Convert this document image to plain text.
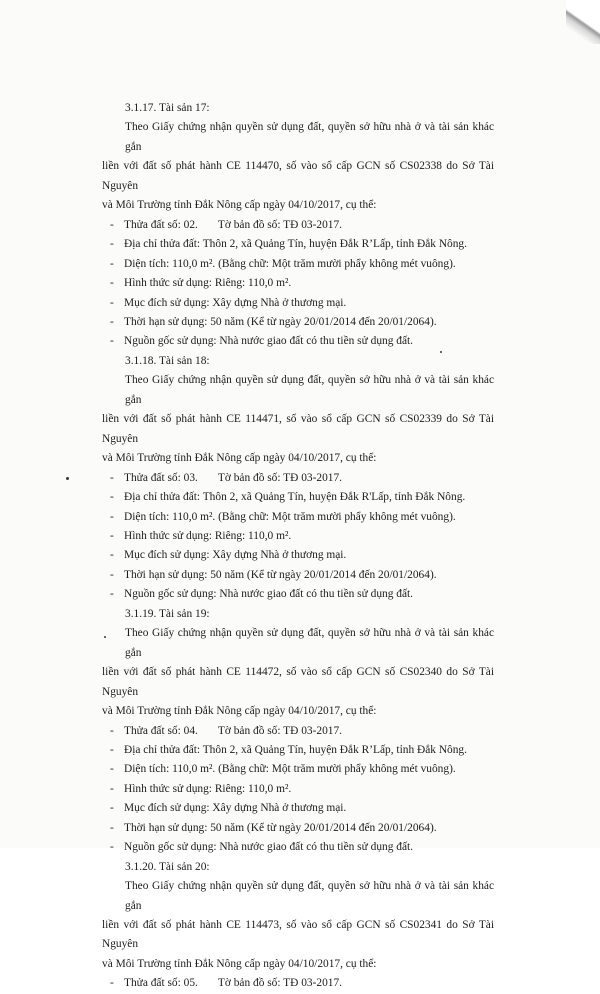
3.1.17. Tài sản 17:
Theo Giấy chứng nhận quyền sử dụng đất, quyền sở hữu nhà ở và tài sản khác gắn
liền với đất số phát hành CE 114470, số vào sổ cấp GCN số CS02338 do Sở Tài Nguyên
và Môi Trường tỉnh Đắk Nông cấp ngày 04/10/2017, cụ thể:
- Thửa đất số: 02. Tờ bản đồ số: TĐ 03-2017.
- Địa chỉ thửa đất: Thôn 2, xã Quảng Tín, huyện Đắk R’Lấp, tỉnh Đắk Nông.
- Diện tích: 110,0 m². (Bằng chữ: Một trăm mười phẩy không mét vuông).
- Hình thức sử dụng: Riêng: 110,0 m².
- Mục đích sử dụng: Xây dựng Nhà ở thương mại.
- Thời hạn sử dụng: 50 năm (Kể từ ngày 20/01/2014 đến 20/01/2064).
- Nguồn gốc sử dụng: Nhà nước giao đất có thu tiền sử dụng đất.
3.1.18. Tài sản 18:
Theo Giấy chứng nhận quyền sử dụng đất, quyền sở hữu nhà ở và tài sản khác gắn
liền với đất số phát hành CE 114471, số vào sổ cấp GCN số CS02339 do Sở Tài Nguyên
và Môi Trường tỉnh Đắk Nông cấp ngày 04/10/2017, cụ thể:
- Thửa đất số: 03. Tờ bản đồ số: TĐ 03-2017.
- Địa chỉ thửa đất: Thôn 2, xã Quảng Tín, huyện Đắk R'Lấp, tỉnh Đắk Nông.
- Diện tích: 110,0 m². (Bằng chữ: Một trăm mười phẩy không mét vuông).
- Hình thức sử dụng: Riêng: 110,0 m².
- Mục đích sử dụng: Xây dựng Nhà ở thương mại.
- Thời hạn sử dụng: 50 năm (Kể từ ngày 20/01/2014 đến 20/01/2064).
- Nguồn gốc sử dụng: Nhà nước giao đất có thu tiền sử dụng đất.
3.1.19. Tài sản 19:
Theo Giấy chứng nhận quyền sử dụng đất, quyền sở hữu nhà ở và tài sản khác gắn
liền với đất số phát hành CE 114472, số vào sổ cấp GCN số CS02340 do Sở Tài Nguyên
và Môi Trường tỉnh Đắk Nông cấp ngày 04/10/2017, cụ thể:
- Thửa đất số: 04. Tờ bản đồ số: TĐ 03-2017.
- Địa chỉ thửa đất: Thôn 2, xã Quảng Tín, huyện Đắk R’Lấp, tỉnh Đắk Nông.
- Diện tích: 110,0 m². (Bằng chữ: Một trăm mười phẩy không mét vuông).
- Hình thức sử dụng: Riêng: 110,0 m².
- Mục đích sử dụng: Xây dựng Nhà ở thương mại.
- Thời hạn sử dụng: 50 năm (Kể từ ngày 20/01/2014 đến 20/01/2064).
- Nguồn gốc sử dụng: Nhà nước giao đất có thu tiền sử dụng đất.
3.1.20. Tài sản 20:
Theo Giấy chứng nhận quyền sử dụng đất, quyền sở hữu nhà ở và tài sản khác gắn
liền với đất số phát hành CE 114473, số vào sổ cấp GCN số CS02341 do Sở Tài Nguyên
và Môi Trường tỉnh Đắk Nông cấp ngày 04/10/2017, cụ thể:
- Thửa đất số: 05. Tờ bản đồ số: TĐ 03-2017.
